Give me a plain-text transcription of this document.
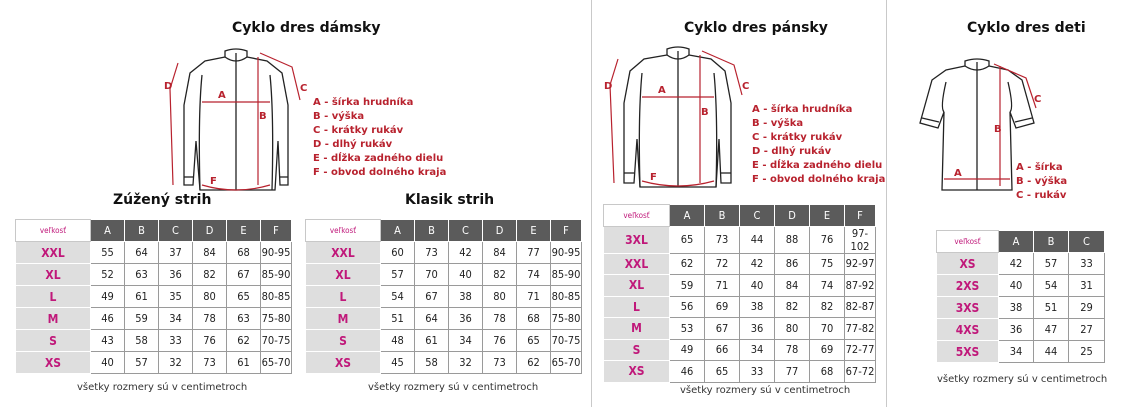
Cyklo dres dámsky
A
B
D	C
F
A - šírka hrudníka
B - výška
C - krátky rukáv
D - dlhý rukáv
E - dĺžka zadného dielu
F - obvod dolného kraja
Zúžený strih	Klasik strih
veľkosť	A	B	C	D	E	F
XXL	55	64	37	84	68	90-95
XL	52	63	36	82	67	85-90
L	49	61	35	80	65	80-85
M	46	59	34	78	63	75-80
S	43	58	33	76	62	70-75
XS	40	57	32	73	61	65-70
veľkosť	A	B	C	D	E	F
XXL	60	73	42	84	77	90-95
XL	57	70	40	82	74	85-90
L	54	67	38	80	71	80-85
M	51	64	36	78	68	75-80
S	48	61	34	76	65	70-75
XS	45	58	32	73	62	65-70
všetky rozmery sú v centimetroch	všetky rozmery sú v centimetroch
Cyklo dres pánsky
A
B
D	C
F
A - šírka hrudníka
B - výška
C - krátky rukáv
D - dlhý rukáv
E - dĺžka zadného dielu
F - obvod dolného kraja
veľkosť	A	B	C	D	E	F
3XL	65	73	44	88	76	97-102
XXL	62	72	42	86	75	92-97
XL	59	71	40	84	74	87-92
L	56	69	38	82	82	82-87
M	53	67	36	80	70	77-82
S	49	66	34	78	69	72-77
XS	46	65	33	77	68	67-72
všetky rozmery sú v centimetroch
Cyklo dres deti
A
B
C
A - šírka
B - výška
C - rukáv
veľkosť	A	B	C
XS	42	57	33
2XS	40	54	31
3XS	38	51	29
4XS	36	47	27
5XS	34	44	25
všetky rozmery sú v centimetroch
